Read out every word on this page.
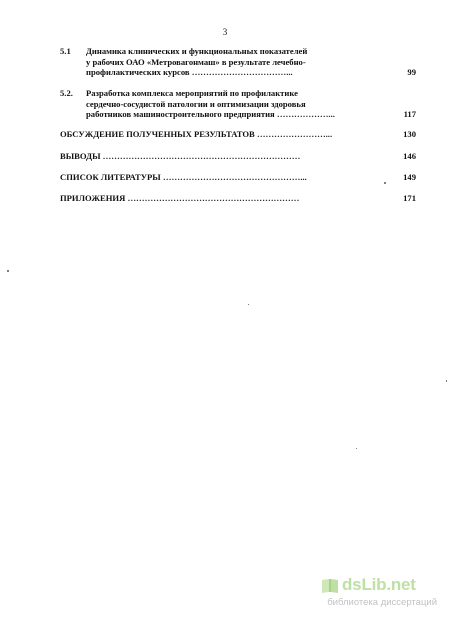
3
5.1 Динамика клинических и функциональных показателей
у рабочих ОАО «Метровагонмаш» в результате лечебно-
профилактических курсов ……………………………...	99
5.2. Разработка комплекса мероприятий по профилактике
сердечно-сосудистой патологии и оптимизации здоровья
работников машиностроительного предприятия ………………...	117
ОБСУЖДЕНИЕ ПОЛУЧЕННЫХ РЕЗУЛЬТАТОВ ……………………...	130
ВЫВОДЫ ……………………………………………………………	146
СПИСОК ЛИТЕРАТУРЫ …………………………………………...	149
ПРИЛОЖЕНИЯ ……………………………………………………	171
dsLib.net
библиотека диссертаций
